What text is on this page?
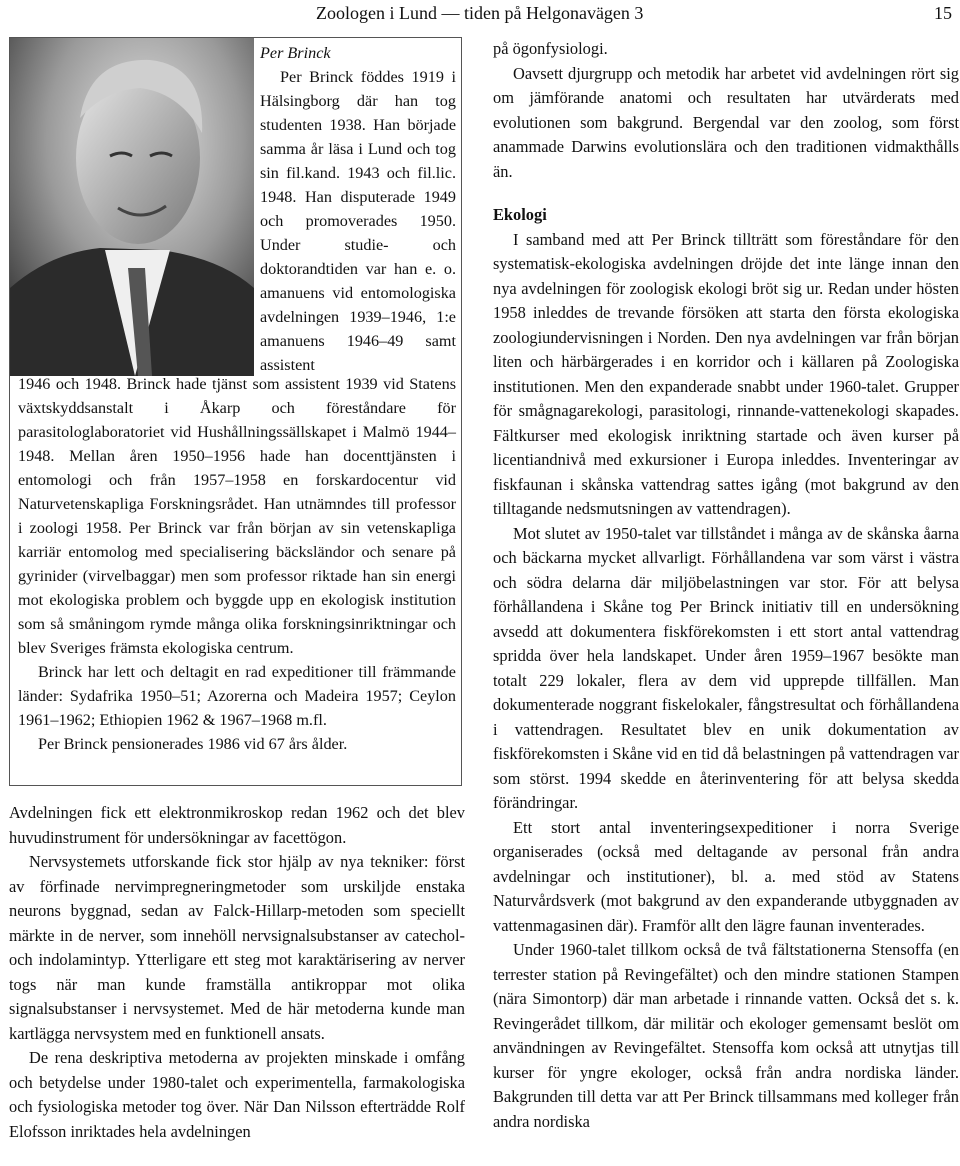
Zoologen i Lund — tiden på Helgonavägen 3	15

Per Brinck

Per Brinck föddes 1919 i Hälsingborg där han tog studenten 1938. Han började samma år läsa i Lund och tog sin fil.kand. 1943 och fil.lic. 1948. Han disputerade 1949 och promoverades 1950. Under studie- och doktorandtiden var han e. o. amanuens vid entomologiska avdelningen 1939–1946, 1:e amanuens 1946–49 samt assistent

1946 och 1948. Brinck hade tjänst som assistent 1939 vid Statens växtskyddsanstalt i Åkarp och föreståndare för parasitologlaboratoriet vid Hushållningssällskapet i Malmö 1944–1948. Mellan åren 1950–1956 hade han docenttjänsten i entomologi och från 1957–1958 en forskardocentur vid Naturvetenskapliga Forskningsrådet. Han utnämndes till professor i zoologi 1958. Per Brinck var från början av sin vetenskapliga karriär entomolog med specialisering bäcksländor och senare på gyrinider (virvelbaggar) men som professor riktade han sin energi mot ekologiska problem och byggde upp en ekologisk institution som så småningom rymde många olika forskningsinriktningar och blev Sveriges främsta ekologiska centrum.

Brinck har lett och deltagit en rad expeditioner till främmande länder: Sydafrika 1950–51; Azorerna och Madeira 1957; Ceylon 1961–1962; Ethiopien 1962 & 1967–1968 m.fl.

Per Brinck pensionerades 1986 vid 67 års ålder.

Avdelningen fick ett elektronmikroskop redan 1962 och det blev huvudinstrument för undersökningar av facettögon.

Nervsystemets utforskande fick stor hjälp av nya tekniker: först av förfinade nervimpregneringmetoder som urskiljde enstaka neurons byggnad, sedan av Falck-Hillarp-metoden som speciellt märkte in de nerver, som innehöll nervsignalsubstanser av catechol- och indolamintyp. Ytterligare ett steg mot karaktärisering av nerver togs när man kunde framställa antikroppar mot olika signalsubstanser i nervsystemet. Med de här metoderna kunde man kartlägga nervsystem med en funktionell ansats.

De rena deskriptiva metoderna av projekten minskade i omfång och betydelse under 1980-talet och experimentella, farmakologiska och fysiologiska metoder tog över. När Dan Nilsson efterträdde Rolf Elofsson inriktades hela avdelningen

på ögonfysiologi.

Oavsett djurgrupp och metodik har arbetet vid avdelningen rört sig om jämförande anatomi och resultaten har utvärderats med evolutionen som bakgrund. Bergendal var den zoolog, som först anammade Darwins evolutionslära och den traditionen vidmakthålls än.

Ekologi

I samband med att Per Brinck tillträtt som föreståndare för den systematisk-ekologiska avdelningen dröjde det inte länge innan den nya avdelningen för zoologisk ekologi bröt sig ur. Redan under hösten 1958 inleddes de trevande försöken att starta den första ekologiska zoologiundervisningen i Norden. Den nya avdelningen var från början liten och härbärgerades i en korridor och i källaren på Zoologiska institutionen. Men den expanderade snabbt under 1960-talet. Grupper för smågnagarekologi, parasitologi, rinnande-vattenekologi skapades. Fältkurser med ekologisk inriktning startade och även kurser på licentiandnivå med exkursioner i Europa inleddes. Inventeringar av fiskfaunan i skånska vattendrag sattes igång (mot bakgrund av den tilltagande nedsmutsningen av vattendragen).

Mot slutet av 1950-talet var tillståndet i många av de skånska åarna och bäckarna mycket allvarligt. Förhållandena var som värst i västra och södra delarna där miljöbelastningen var stor. För att belysa förhållandena i Skåne tog Per Brinck initiativ till en undersökning avsedd att dokumentera fiskförekomsten i ett stort antal vattendrag spridda över hela landskapet. Under åren 1959–1967 besökte man totalt 229 lokaler, flera av dem vid upprepde tillfällen. Man dokumenterade noggrant fiskelokaler, fångstresultat och förhållandena i vattendragen. Resultatet blev en unik dokumentation av fiskförekomsten i Skåne vid en tid då belastningen på vattendragen var som störst. 1994 skedde en återinventering för att belysa skedda förändringar.

Ett stort antal inventeringsexpeditioner i norra Sverige organiserades (också med deltagande av personal från andra avdelningar och institutioner), bl. a. med stöd av Statens Naturvårdsverk (mot bakgrund av den expanderande utbyggnaden av vattenmagasinen där). Framför allt den lägre faunan inventerades.

Under 1960-talet tillkom också de två fältstationerna Stensoffa (en terrester station på Revingefältet) och den mindre stationen Stampen (nära Simontorp) där man arbetade i rinnande vatten. Också det s. k. Revingerådet tillkom, där militär och ekologer gemensamt beslöt om användningen av Revingefältet. Stensoffa kom också att utnytjas till kurser för yngre ekologer, också från andra nordiska länder. Bakgrunden till detta var att Per Brinck tillsammans med kolleger från andra nordiska
